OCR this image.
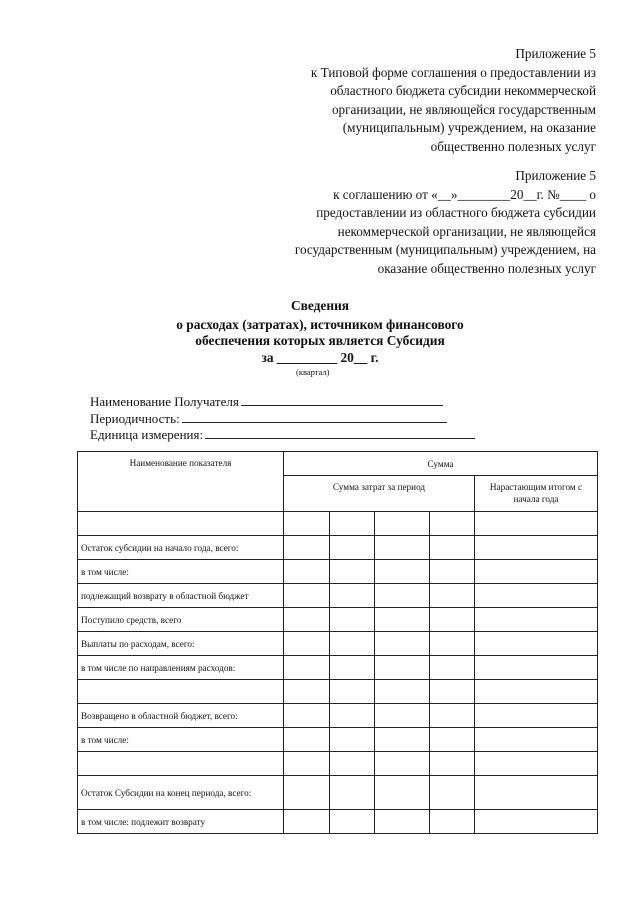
Приложение 5
к Типовой форме соглашения о предоставлении из
областного бюджета субсидии некоммерческой
организации, не являющейся государственным
(муниципальным) учреждением, на оказание
общественно полезных услуг
Приложение 5
к соглашению от «__»________20__г. №____ о
предоставлении из областного бюджета субсидии
некоммерческой организации, не являющейся
государственным (муниципальным) учреждением, на
оказание общественно полезных услуг
Сведения
о расходах (затратах), источником финансового
обеспечения которых является Субсидия
за _________ 20__ г.
(квартал)
Наименование Получателя
Периодичность:
Единица измерения:
Наименование показателя	Сумма				
	Сумма затрат за период				Нарастающим итогом с начала года

Остаток субсидии на начало года, всего:					
в том числе:					
подлежащий возврату в областной бюджет					
Поступило средств, всего					
Выплаты по расходам, всего:					
в том числе по направлениям расходов:					

Возвращено в областной бюджет, всего:					
в том числе:					

Остаток Субсидии на конец периода, всего:					
в том числе: подлежит возврату					
